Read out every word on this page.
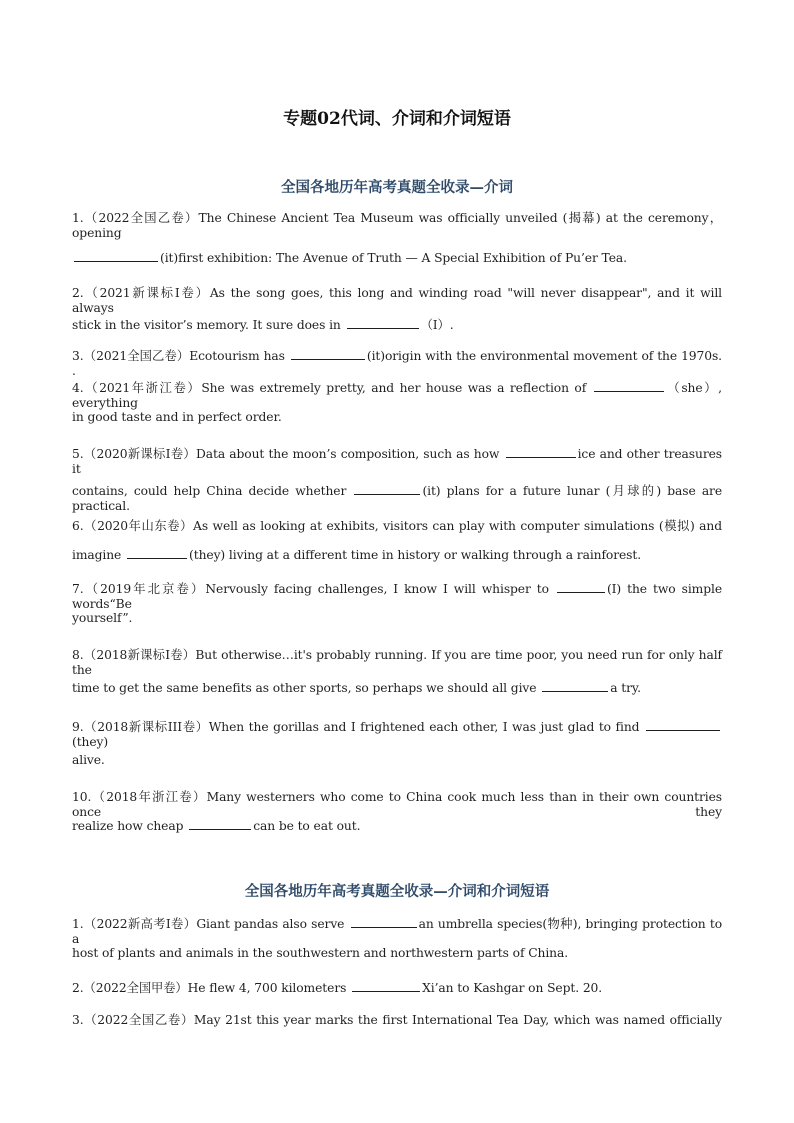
专题02代词、介词和介词短语
全国各地历年高考真题全收录—介词
1.（2022全国乙卷）The Chinese Ancient Tea Museum was officially unveiled (揭幕) at the ceremony，opening
(it)first exhibition: The Avenue of Truth — A Special Exhibition of Pu’er Tea.
2.（2021新课标I卷）As the song goes, this long and winding road "will never disappear", and it will always
stick in the visitor’s memory. It sure does in	（I）.
3.（2021全国乙卷）Ecotourism has	(it)origin with the environmental movement of the 1970s. .
4.（2021年浙江卷）She was extremely pretty, and her house was a reflection of	（she）, everything
in good taste and in perfect order.
5.（2020新课标I卷）Data about the moon’s composition, such as how	ice and other treasures it
contains, could help China decide whether	(it) plans for a future lunar (月球的) base are practical.
6.（2020年山东卷）As well as looking at exhibits, visitors can play with computer simulations (模拟) and
imagine	(they) living at a different time in history or walking through a rainforest.
7.（2019年北京卷）Nervously facing challenges, I know I will whisper to	(I) the two simple words“Be
yourself”.
8.（2018新课标I卷）But otherwise…it's probably running. If you are time poor, you need run for only half the
time to get the same benefits as other sports, so perhaps we should all give	a try.
9.（2018新课标III卷）When the gorillas and I frightened each other, I was just glad to find (they)
alive.
10.（2018年浙江卷）Many westerners who come to China cook much less than in their own countries once they
realize how cheap	can be to eat out.
全国各地历年高考真题全收录—介词和介词短语
1.（2022新高考I卷）Giant pandas also serve	an umbrella species(物种), bringing protection to a
host of plants and animals in the southwestern and northwestern parts of China.
2.（2022全国甲卷）He flew 4, 700 kilometers	Xi’an to Kashgar on Sept. 20.
3.（2022全国乙卷）May 21st this year marks the first International Tea Day, which was named officially
